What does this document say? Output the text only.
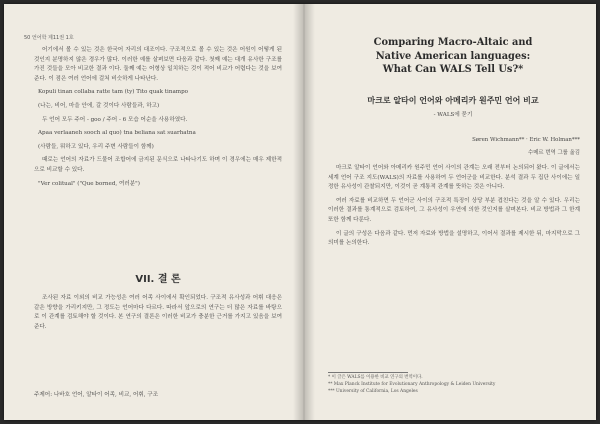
50 언어학 제11권 1호

어기에서 볼 수 있는 것은 한국어 자리의 대조이다. 구조적으로 볼 수 있는 것은 어원이 어떻게 된 것인지 분명하지 않은 경우가 많다. 이러한 예를 살펴보면 다음과 같다. 첫째 예는 대개 유사한 구조를 가진 것들을 모아 비교한 결과 이다. 둘째 예는 어형상 일치하는 것이 적어 비교가 어렵다는 것을 보여 준다. 이 점은 여러 언어에 걸쳐 비슷하게 나타난다.

Kopuli tinan collaba ratte tam (ty) Tito quak tinampo

(나는, 비어, 마을 안에, 갈 것이다 사람들과, 하고)

두 언어 모두 주어 - goo / 주어 - 6 모습 어순을 사용하였다.

Apaa verlaaneh sooch al quo) tna beliana sat suarhatna

(사람들, 뭐하고 있다, 우리 주변 사람들이 함께)

때로는 언어의 자료가 드물어 조합어에 금지된 문식으로 나타나기도 하며 이 경우에는 매우 제한적으로 비교할 수 있다.

"Ver colitual" ("Que borned, 여러분")

VII. 결 론

조사된 자료 이외의 비교 가능성은 여러 어족 사이에서 확인되었다. 구조적 유사성과 어휘 대응은 같은 방향을 가리키지만, 그 정도는 언어마다 다르다. 따라서 앞으로의 연구는 더 많은 자료를 바탕으로 이 관계를 검토해야 할 것이다. 본 연구의 결론은 이러한 비교가 충분한 근거를 가지고 있음을 보여 준다.

주제어: 나바호 언어, 알타이 어족, 비교, 어휘, 구조
Comparing Macro-Altaic and
Native American languages:
What Can WALS Tell Us?*
마크로 알타이 언어와 아메리카 원주민 언어 비교
- WALS에 묻기
Søren Wichmann** · Eric W. Holman***
수메르 번역 그룹 옮김

마크로 알타이 언어와 아메리카 원주민 언어 사이의 관계는 오래 전부터 논의되어 왔다. 이 글에서는 세계 언어 구조 지도(WALS)의 자료를 사용하여 두 언어군을 비교한다. 분석 결과 두 집단 사이에는 일정한 유사성이 관찰되지만, 이것이 곧 계통적 관계를 뜻하는 것은 아니다.

여러 자료를 비교하면 두 언어군 사이의 구조적 특징이 상당 부분 겹친다는 것을 알 수 있다. 우리는 이러한 결과를 통계적으로 검토하여, 그 유사성이 우연에 의한 것인지를 살펴본다. 비교 방법과 그 한계 또한 함께 다룬다.

이 글의 구성은 다음과 같다. 먼저 자료와 방법을 설명하고, 이어서 결과를 제시한 뒤, 마지막으로 그 의미를 논의한다.

* 이 글은 WALS를 이용한 비교 연구의 번역이다.

** Max Planck Institute for Evolutionary Anthropology & Leiden University

*** University of California, Los Angeles
